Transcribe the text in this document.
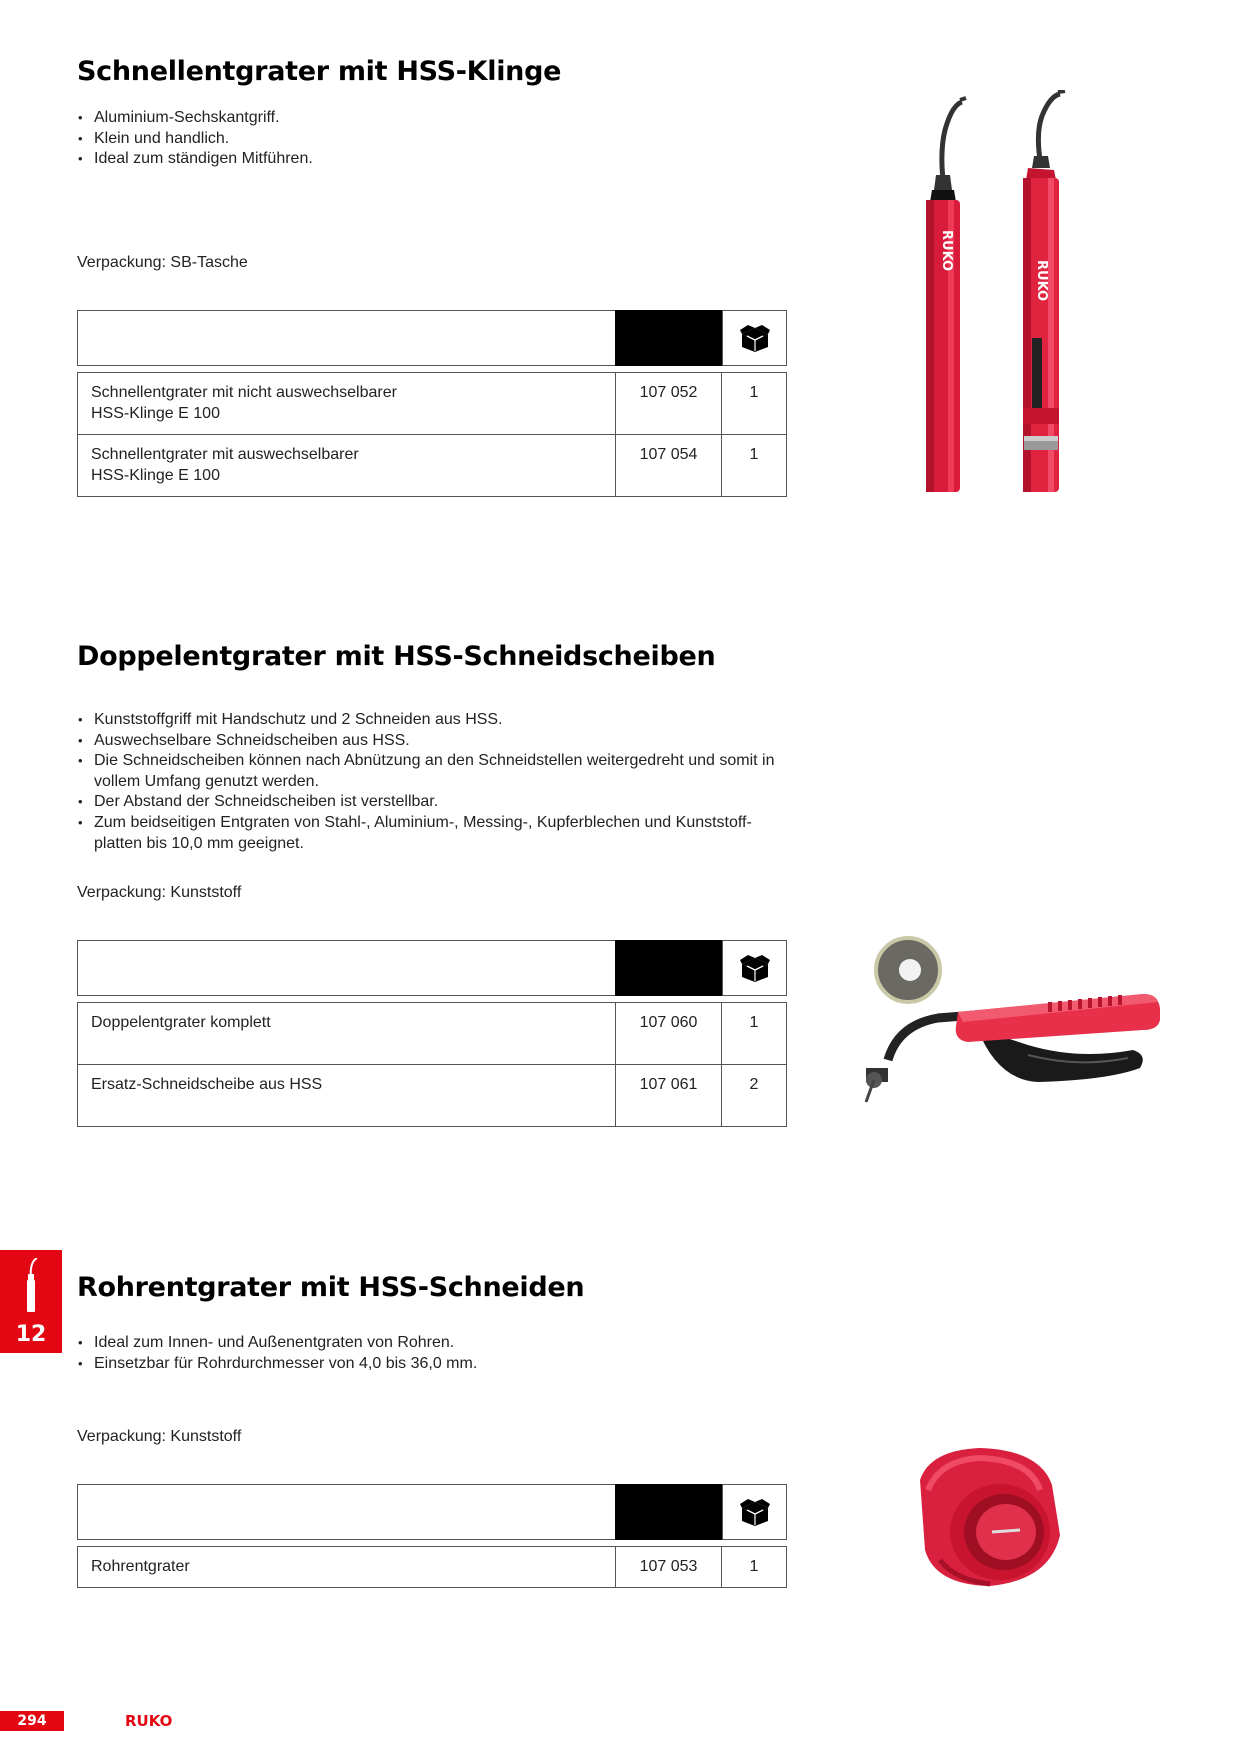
Schnellentgrater mit HSS-Klinge
• Aluminium-Sechskantgriff.
• Klein und handlich.
• Ideal zum ständigen Mitführen.
Verpackung: SB-Tasche
Schnellentgrater mit nicht auswechselbarer
HSS-Klinge E 100
107 052	1
Schnellentgrater mit auswechselbarer
HSS-Klinge E 100
107 054	1
RUKO
RUKO
Doppelentgrater mit HSS-Schneidscheiben
• Kunststoffgriff mit Handschutz und 2 Schneiden aus HSS.
• Auswechselbare Schneidscheiben aus HSS.
• Die Schneidscheiben können nach Abnützung an den Schneidstellen weitergedreht und somit in vollem Umfang genutzt werden.
• Der Abstand der Schneidscheiben ist verstellbar.
• Zum beidseitigen Entgraten von Stahl-, Aluminium-, Messing-, Kupferblechen und Kunststoff-platten bis 10,0 mm geeignet.
Verpackung: Kunststoff
Doppelentgrater komplett	107 060	1
Ersatz-Schneidscheibe aus HSS	107 061	2
Rohrentgrater mit HSS-Schneiden
• Ideal zum Innen- und Außenentgraten von Rohren.
• Einsetzbar für Rohrdurchmesser von 4,0 bis 36,0 mm.
Verpackung: Kunststoff
Rohrentgrater	107 053	1
12
294	RUKO
